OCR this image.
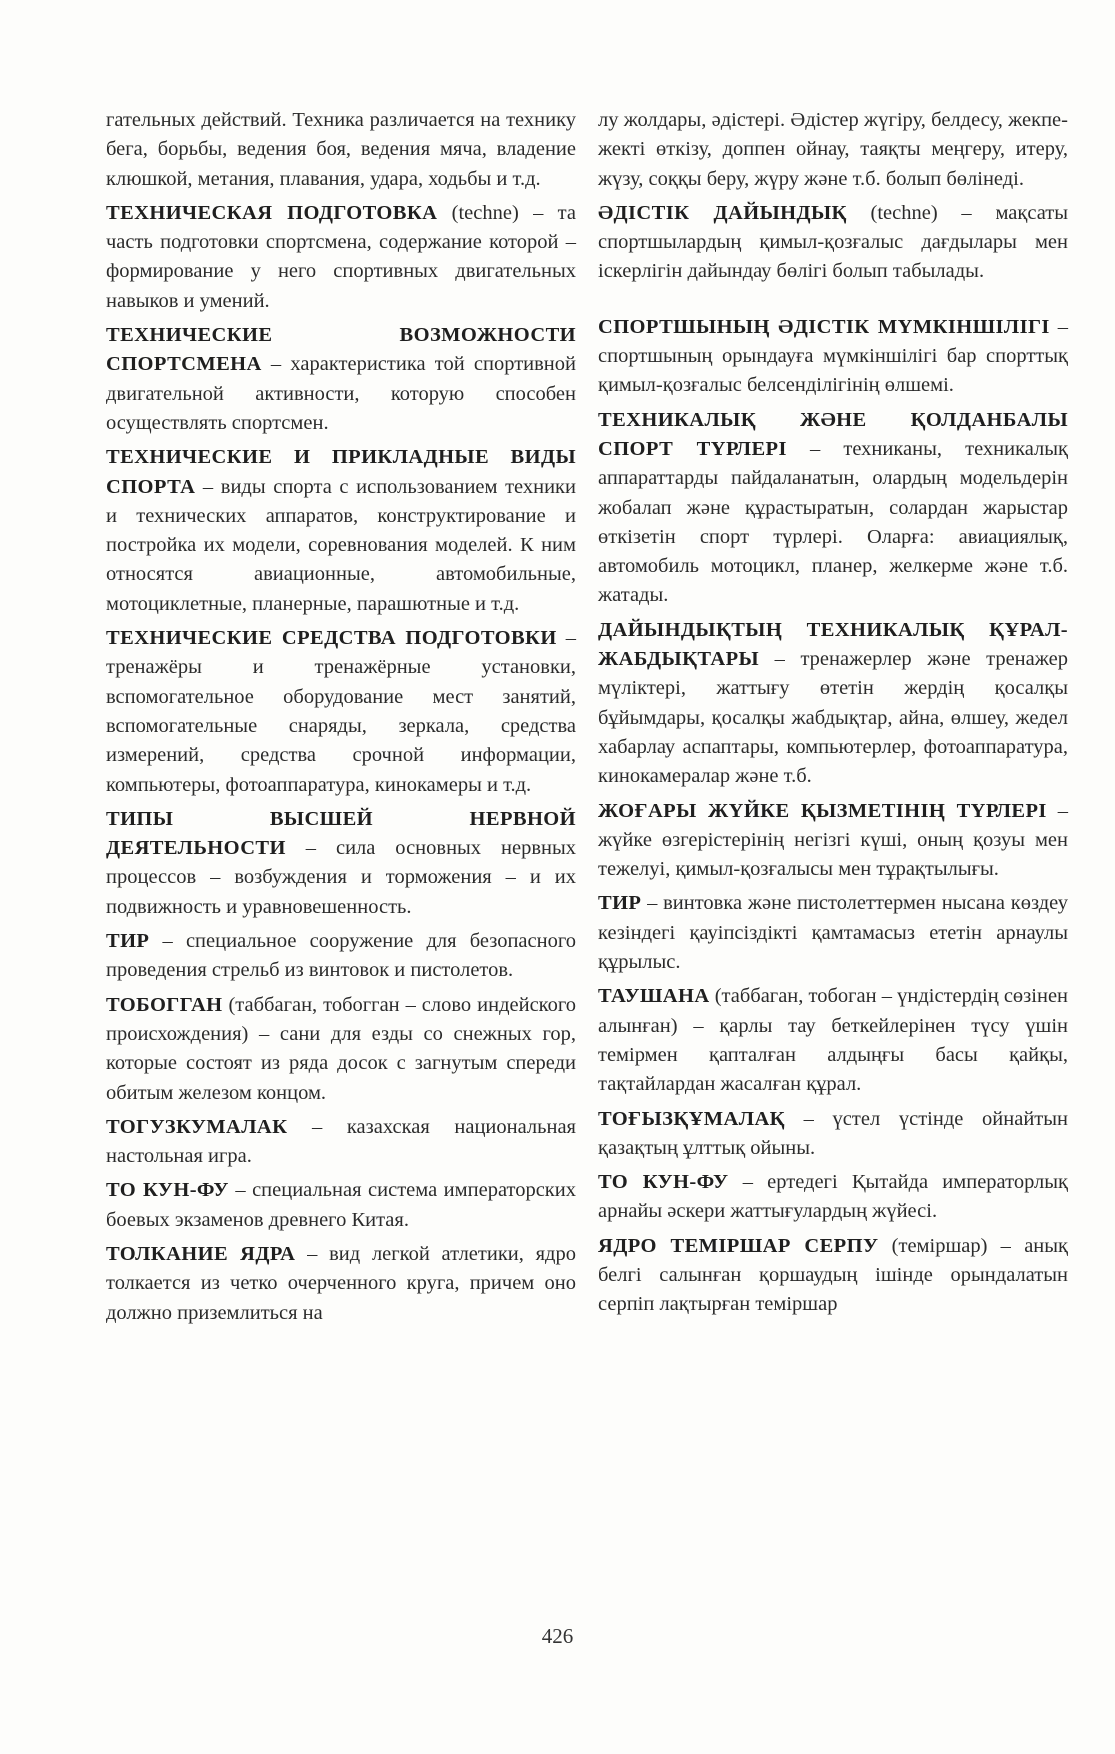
гательных действий. Техника различается на технику бега, борьбы, ведения боя, ведения мяча, владение клюшкой, метания, плавания, удара, ходьбы и т.д.

ТЕХНИЧЕСКАЯ ПОДГОТОВКА (techne) – та часть подготовки спортсмена, содержание которой – формирование у него спортивных двигательных навыков и умений.

ТЕХНИЧЕСКИЕ ВОЗМОЖНОСТИ СПОРТСМЕНА – характеристика той спортивной двигательной активности, которую способен осуществлять спортсмен.

ТЕХНИЧЕСКИЕ И ПРИКЛАДНЫЕ ВИДЫ СПОРТА – виды спорта с использованием техники и технических аппаратов, конструктирование и постройка их модели, соревнования моделей. К ним относятся авиационные, автомобильные, мотоциклетные, планерные, парашютные и т.д.

ТЕХНИЧЕСКИЕ СРЕДСТВА ПОДГОТОВКИ – тренажёры и тренажёрные установки, вспомогательное оборудование мест занятий, вспомогательные снаряды, зеркала, средства измерений, средства срочной информации, компьютеры, фотоаппаратура, кинокамеры и т.д.

ТИПЫ ВЫСШЕЙ НЕРВНОЙ ДЕЯТЕЛЬНОСТИ – сила основных нервных процессов – возбуждения и торможения – и их подвижность и уравновешенность.

ТИР – специальное сооружение для безопасного проведения стрельб из винтовок и пистолетов.

ТОБОГГАН (таббаган, тобогган – слово индейского происхождения) – сани для езды со снежных гор, которые состоят из ряда досок с загнутым спереди обитым железом концом.

ТОГУЗКУМАЛАК – казахская национальная настольная игра.

ТО КУН-ФУ – специальная система императорских боевых экзаменов древнего Китая.

ТОЛКАНИЕ ЯДРА – вид легкой атлетики, ядро толкается из четко очерченного круга, причем оно должно приземлиться на

лу жолдары, әдістері. Әдістер жүгіру, белдесу, жекпе-жекті өткізу, доппен ойнау, таяқты меңгеру, итеру, жүзу, соққы беру, жүру және т.б. болып бөлінеді.

ӘДІСТІК ДАЙЫНДЫҚ (techne) – мақсаты спортшылардың қимыл-қозғалыс дағдылары мен іскерлігін дайындау бөлігі болып табылады.

СПОРТШЫНЫҢ ӘДІСТІК МҮМКІНШІЛІГІ – спортшының орындауға мүмкіншілігі бар спорттық қимыл-қозғалыс белсенділігінің өлшемі.

ТЕХНИКАЛЫҚ ЖӘНЕ ҚОЛДАНБАЛЫ СПОРТ ТҮРЛЕРІ – техниканы, техникалық аппараттарды пайдаланатын, олардың модельдерін жобалап және құрастыратын, солардан жарыстар өткізетін спорт түрлері. Оларға: авиациялық, автомобиль мотоцикл, планер, желкерме және т.б. жатады.

ДАЙЫНДЫҚТЫҢ ТЕХНИКАЛЫҚ ҚҰРАЛ-ЖАБДЫҚТАРЫ – тренажерлер және тренажер мүліктері, жаттығу өтетін жердің қосалқы бұйымдары, қосалқы жабдықтар, айна, өлшеу, жедел хабарлау аспаптары, компьютерлер, фотоаппаратура, кинокамералар және т.б.

ЖОҒАРЫ ЖҮЙКЕ ҚЫЗМЕТІНІҢ ТҮРЛЕРІ – жүйке өзгерістерінің негізгі күші, оның қозуы мен тежелуі, қимыл-қозғалысы мен тұрақтылығы.

ТИР – винтовка және пистолеттермен нысана көздеу кезіндегі қауіпсіздікті қамтамасыз ететін арнаулы құрылыс.

ТАУШАНА (таббаган, тобоган – үндістердің сөзінен алынған) – қарлы тау беткейлерінен түсу үшін темірмен қапталған алдыңғы басы қайқы, тақтайлардан жасалған құрал.

ТОҒЫЗҚҰМАЛАҚ – үстел үстінде ойнайтын қазақтың ұлттық ойыны.

ТО КУН-ФУ – ертедегі Қытайда императорлық арнайы әскери жаттығулардың жүйесі.

ЯДРО ТЕМІРШАР СЕРПУ (теміршар) – анық белгі салынған қоршаудың ішінде орындалатын серпіп лақтырған теміршар

426
